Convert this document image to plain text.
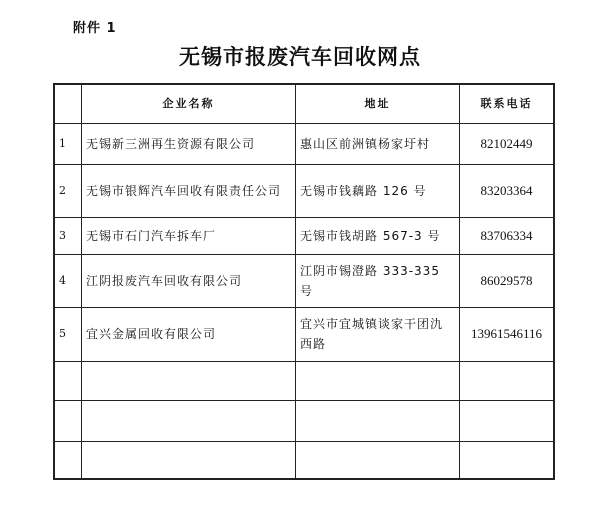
附件 1
无锡市报废汽车回收网点
	企业名称	地址	联系电话
1	无锡新三洲再生资源有限公司	惠山区前洲镇杨家圩村	82102449
2	无锡市银辉汽车回收有限责任公司	无锡市钱藕路 126 号	83203364
3	无锡市石门汽车拆车厂	无锡市钱胡路 567-3 号	83706334
4	江阴报废汽车回收有限公司	江阴市锡澄路 333-335 号	86029578
5	宜兴金属回收有限公司	宜兴市宜城镇谈家干团氿西路	13961546116
